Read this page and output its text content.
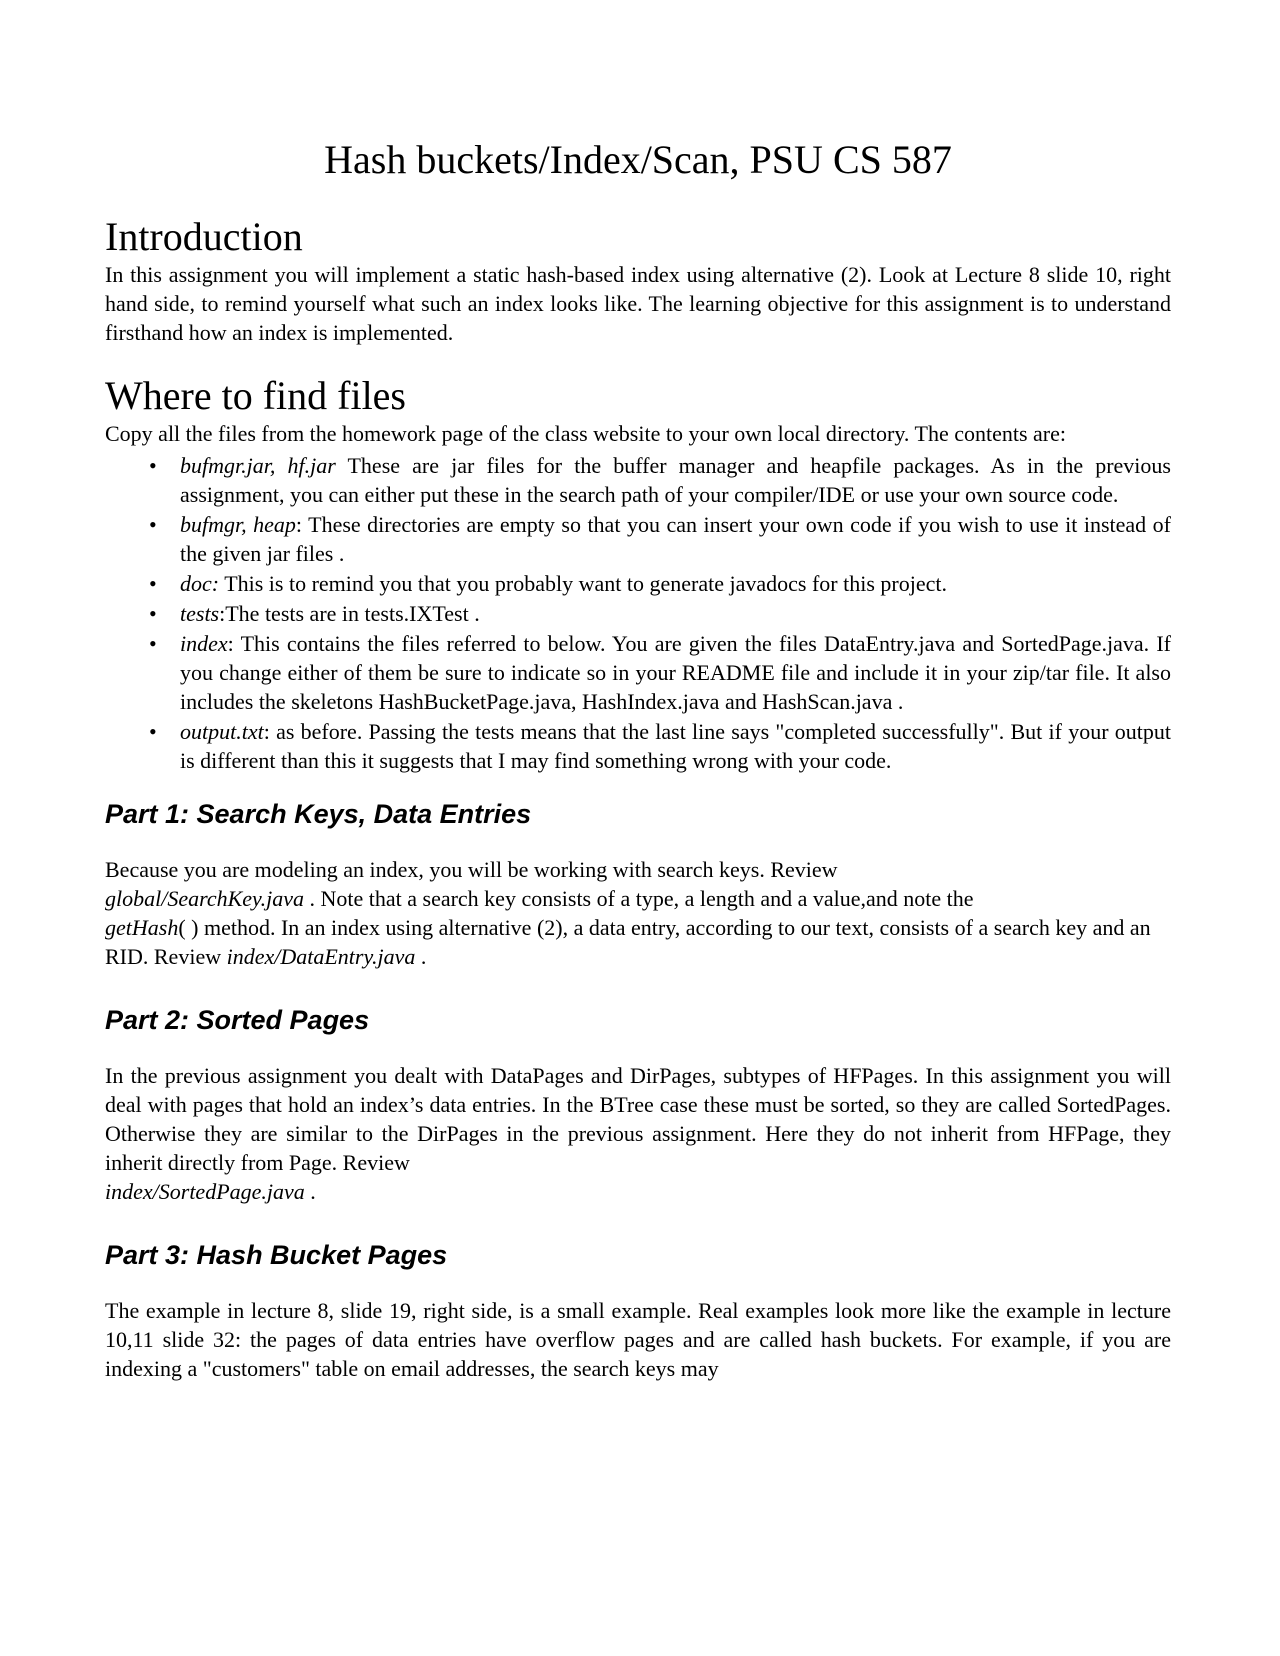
Hash buckets/Index/Scan, PSU CS 587
Introduction

In this assignment you will implement a static hash-based index using alternative (2). Look at Lecture 8 slide 10, right hand side, to remind yourself what such an index looks like. The learning objective for this assignment is to understand firsthand how an index is implemented.

Where to find files

Copy all the files from the homework page of the class website to your own local directory. The contents are:

• bufmgr.jar, hf.jar These are jar files for the buffer manager and heapfile packages. As in the previous assignment, you can either put these in the search path of your compiler/IDE or use your own source code.
• bufmgr, heap: These directories are empty so that you can insert your own code if you wish to use it instead of the given jar files .
• doc: This is to remind you that you probably want to generate javadocs for this project.
• tests:The tests are in tests.IXTest .
• index: This contains the files referred to below. You are given the files DataEntry.java and SortedPage.java. If you change either of them be sure to indicate so in your README file and include it in your zip/tar file. It also includes the skeletons HashBucketPage.java, HashIndex.java and HashScan.java .
• output.txt: as before. Passing the tests means that the last line says "completed successfully". But if your output is different than this it suggests that I may find something wrong with your code.
Part 1: Search Keys, Data Entries

Because you are modeling an index, you will be working with search keys. Review
global/SearchKey.java . Note that a search key consists of a type, a length and a value,and note the
getHash( ) method. In an index using alternative (2), a data entry, according to our text, consists of a search key and an RID. Review index/DataEntry.java .

Part 2: Sorted Pages

In the previous assignment you dealt with DataPages and DirPages, subtypes of HFPages. In this assignment you will deal with pages that hold an index’s data entries. In the BTree case these must be sorted, so they are called SortedPages. Otherwise they are similar to the DirPages in the previous assignment. Here they do not inherit from HFPage, they inherit directly from Page. Review
index/SortedPage.java .

Part 3: Hash Bucket Pages

The example in lecture 8, slide 19, right side, is a small example. Real examples look more like the example in lecture 10,11 slide 32: the pages of data entries have overflow pages and are called hash buckets. For example, if you are indexing a "customers" table on email addresses, the search keys may
